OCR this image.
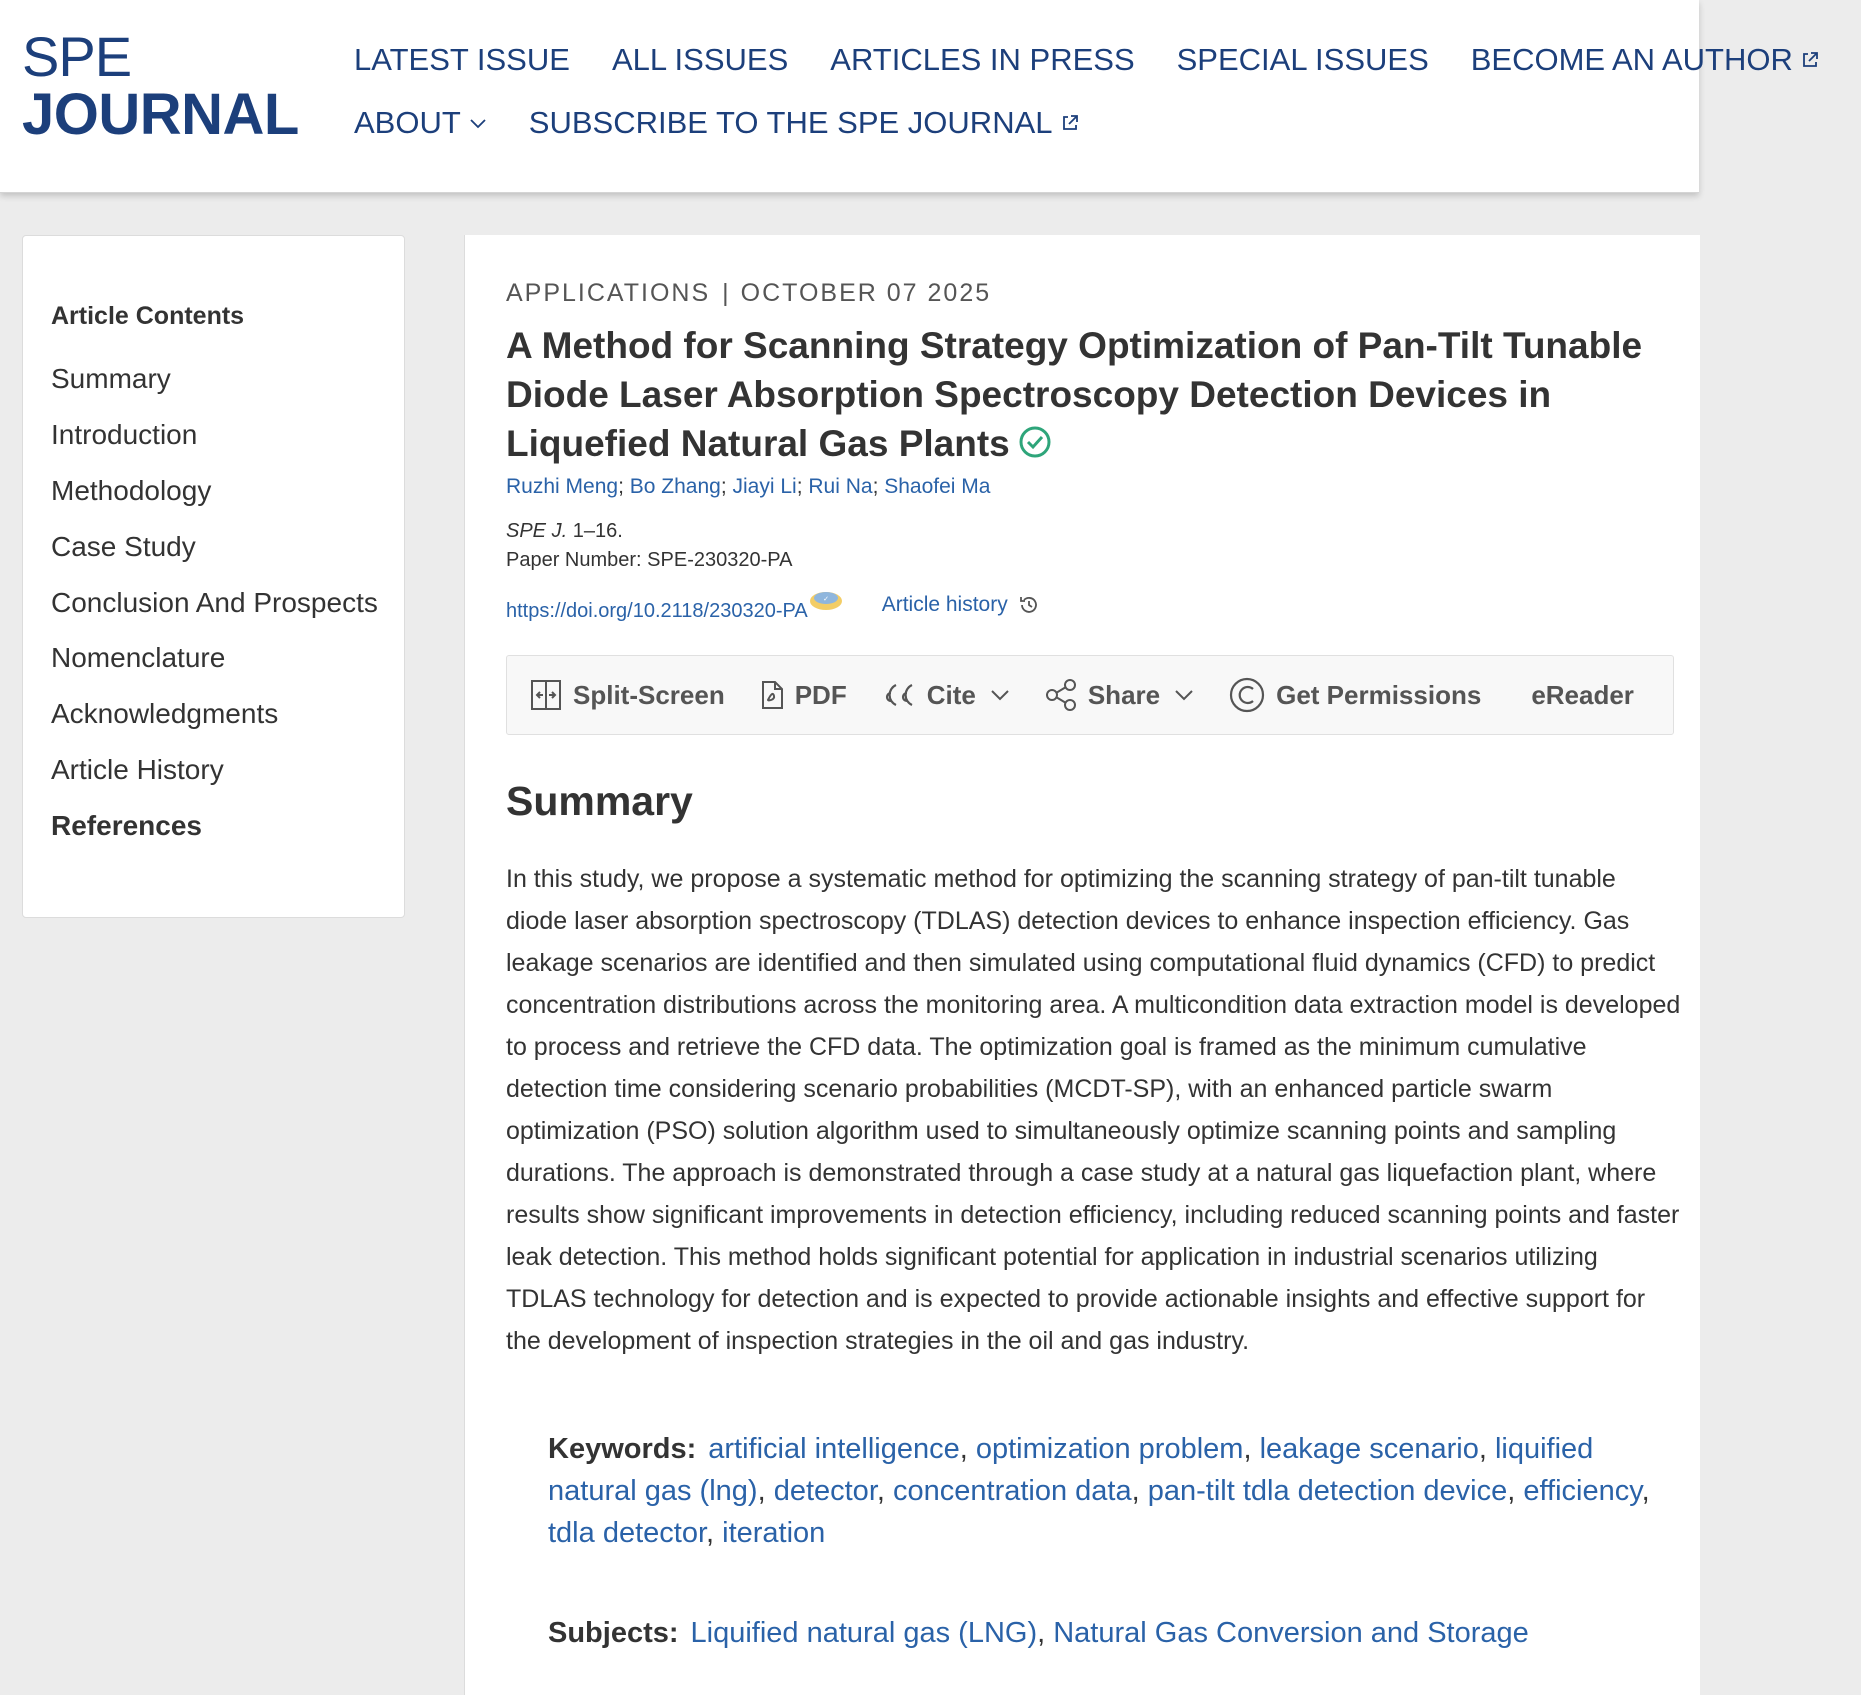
SPE
JOURNAL
LATEST ISSUE ALL ISSUES ARTICLES IN PRESS SPECIAL ISSUES BECOME AN AUTHOR
ABOUT SUBSCRIBE TO THE SPE JOURNAL
Article Contents
Summary
Introduction
Methodology
Case Study
Conclusion And Prospects
Nomenclature
Acknowledgments
Article History
References
APPLICATIONS | OCTOBER 07 2025
A Method for Scanning Strategy Optimization of Pan-Tilt Tunable Diode Laser Absorption Spectroscopy Detection Devices in Liquefied Natural Gas Plants
Ruzhi Meng; Bo Zhang; Jiayi Li; Rui Na; Shaofei Ma
SPE J. 1–16.
Paper Number: SPE-230320-PA
https://doi.org/10.2118/230320-PA
✓	Article history
Split-Screen	PDF	Cite	Share	Get Permissions eReader
Summary

In this study, we propose a systematic method for optimizing the scanning strategy of pan-tilt tunable diode laser absorption spectroscopy (TDLAS) detection devices to enhance inspection efficiency. Gas leakage scenarios are identified and then simulated using computational fluid dynamics (CFD) to predict concentration distributions across the monitoring area. A multicondition data extraction model is developed to process and retrieve the CFD data. The optimization goal is framed as the minimum cumulative detection time considering scenario probabilities (MCDT-SP), with an enhanced particle swarm optimization (PSO) solution algorithm used to simultaneously optimize scanning points and sampling durations. The approach is demonstrated through a case study at a natural gas liquefaction plant, where results show significant improvements in detection efficiency, including reduced scanning points and faster leak detection. This method holds significant potential for application in industrial scenarios utilizing TDLAS technology for detection and is expected to provide actionable insights and effective support for the development of inspection strategies in the oil and gas industry.

Keywords: artificial intelligence, optimization problem, leakage scenario, liquified natural gas (lng), detector, concentration data, pan-tilt tdla detection device, efficiency, tdla detector, iteration
Subjects: Liquified natural gas (LNG), Natural Gas Conversion and Storage
